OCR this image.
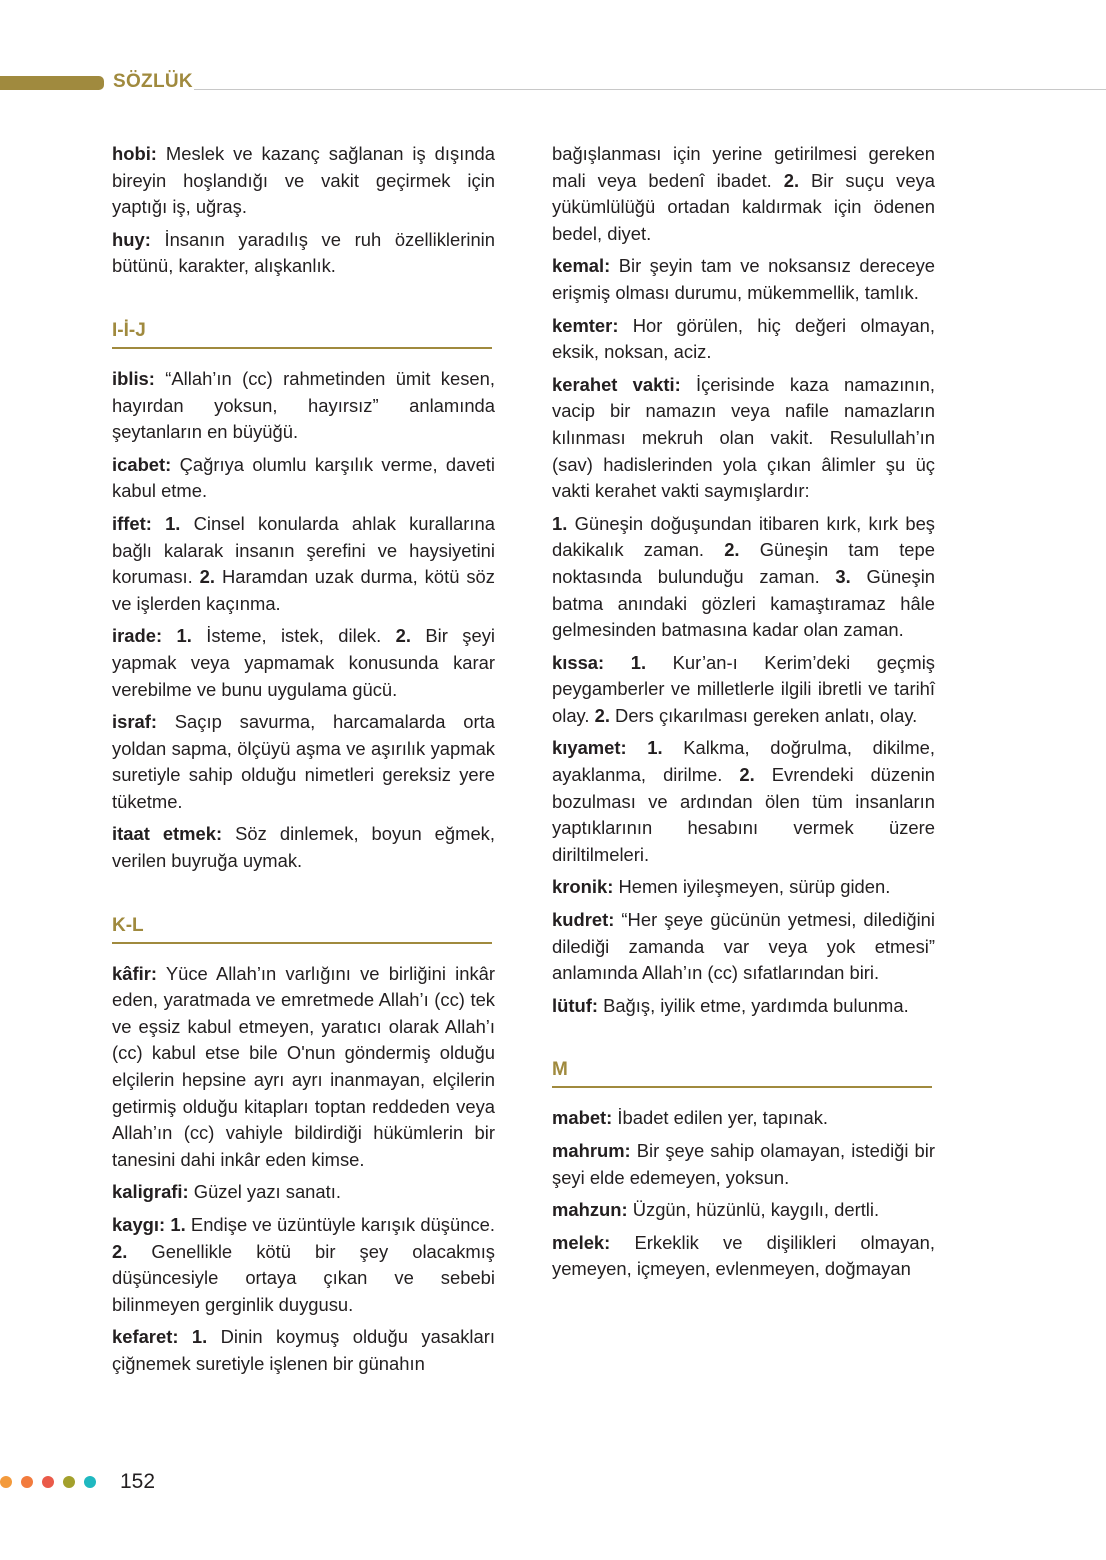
SÖZLÜK

hobi: Meslek ve kazanç sağlanan iş dışında bireyin hoşlandığı ve vakit geçirmek için yaptığı iş, uğraş.

huy: İnsanın yaradılış ve ruh özelliklerinin bütünü, karakter, alışkanlık.

I-İ-J

iblis: “Allah’ın (cc) rahmetinden ümit kesen, hayırdan yoksun, hayırsız” anlamında şeytanların en büyüğü.

icabet: Çağrıya olumlu karşılık verme, daveti kabul etme.

iffet: 1. Cinsel konularda ahlak kurallarına bağlı kalarak insanın şerefini ve haysiyetini koruması. 2. Haramdan uzak durma, kötü söz ve işlerden kaçınma.

irade: 1. İsteme, istek, dilek. 2. Bir şeyi yapmak veya yapmamak konusunda karar verebilme ve bunu uygulama gücü.

israf: Saçıp savurma, harcamalarda orta yoldan sapma, ölçüyü aşma ve aşırılık yapmak suretiyle sahip olduğu nimetleri gereksiz yere tüketme.

itaat etmek: Söz dinlemek, boyun eğmek, verilen buyruğa uymak.

K-L

kâfir: Yüce Allah’ın varlığını ve birliğini inkâr eden, yaratmada ve emretmede Allah’ı (cc) tek ve eşsiz kabul etmeyen, yaratıcı olarak Allah’ı (cc) kabul etse bile O'nun göndermiş olduğu elçilerin hepsine ayrı ayrı inanmayan, elçilerin getirmiş olduğu kitapları toptan reddeden veya Allah’ın (cc) vahiyle bildirdiği hükümlerin bir tanesini dahi inkâr eden kimse.

kaligrafi: Güzel yazı sanatı.

kaygı: 1. Endişe ve üzüntüyle karışık düşünce. 2. Genellikle kötü bir şey olacakmış düşüncesiyle ortaya çıkan ve sebebi bilinmeyen gerginlik duygusu.

kefaret: 1. Dinin koymuş olduğu yasakları çiğnemek suretiyle işlenen bir günahın

bağışlanması için yerine getirilmesi gereken mali veya bedenî ibadet. 2. Bir suçu veya yükümlülüğü ortadan kaldırmak için ödenen bedel, diyet.

kemal: Bir şeyin tam ve noksansız dereceye erişmiş olması durumu, mükemmellik, tamlık.

kemter: Hor görülen, hiç değeri olmayan, eksik, noksan, aciz.

kerahet vakti: İçerisinde kaza namazının, vacip bir namazın veya nafile namazların kılınması mekruh olan vakit. Resulullah’ın (sav) hadislerinden yola çıkan âlimler şu üç vakti kerahet vakti saymışlardır:

1. Güneşin doğuşundan itibaren kırk, kırk beş dakikalık zaman. 2. Güneşin tam tepe noktasında bulunduğu zaman. 3. Güneşin batma anındaki gözleri kamaştıramaz hâle gelmesinden batmasına kadar olan zaman.

kıssa: 1. Kur’an-ı Kerim’deki geçmiş peygamberler ve milletlerle ilgili ibretli ve tarihî olay. 2. Ders çıkarılması gereken anlatı, olay.

kıyamet: 1. Kalkma, doğrulma, dikilme, ayaklanma, dirilme. 2. Evrendeki düzenin bozulması ve ardından ölen tüm insanların yaptıklarının hesabını vermek üzere diriltilmeleri.

kronik: Hemen iyileşmeyen, sürüp giden.

kudret: “Her şeye gücünün yetmesi, dilediğini dilediği zamanda var veya yok etmesi” anlamında Allah’ın (cc) sıfatlarından biri.

lütuf: Bağış, iyilik etme, yardımda bulunma.

M

mabet: İbadet edilen yer, tapınak.

mahrum: Bir şeye sahip olamayan, istediği bir şeyi elde edemeyen, yoksun.

mahzun: Üzgün, hüzünlü, kaygılı, dertli.

melek: Erkeklik ve dişilikleri olmayan, yemeyen, içmeyen, evlenmeyen, doğmayan

152
